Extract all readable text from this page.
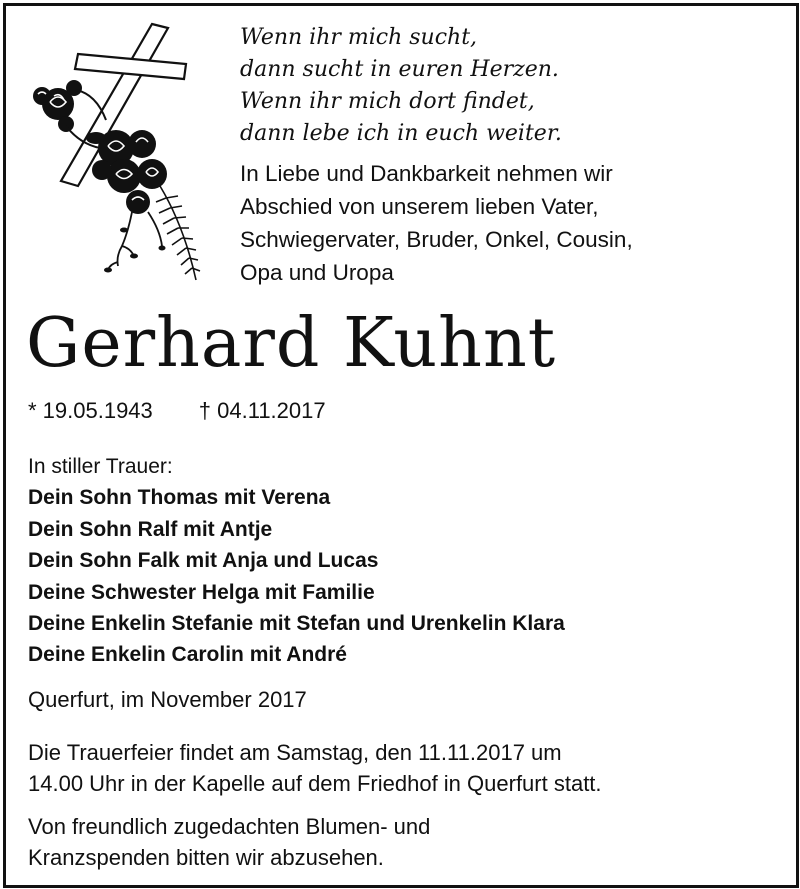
Wenn ihr mich sucht,
dann sucht in euren Herzen.
Wenn ihr mich dort findet,
dann lebe ich in euch weiter.
In Liebe und Dankbarkeit nehmen wir
Abschied von unserem lieben Vater,
Schwiegervater, Bruder, Onkel, Cousin,
Opa und Uropa
Gerhard Kuhnt
* 19.05.1943 † 04.11.2017
In stiller Trauer:
Dein Sohn Thomas mit Verena
Dein Sohn Ralf mit Antje
Dein Sohn Falk mit Anja und Lucas
Deine Schwester Helga mit Familie
Deine Enkelin Stefanie mit Stefan und Urenkelin Klara
Deine Enkelin Carolin mit André
Querfurt, im November 2017
Die Trauerfeier findet am Samstag, den 11.11.2017 um
14.00 Uhr in der Kapelle auf dem Friedhof in Querfurt statt.
Von freundlich zugedachten Blumen- und
Kranzspenden bitten wir abzusehen.
